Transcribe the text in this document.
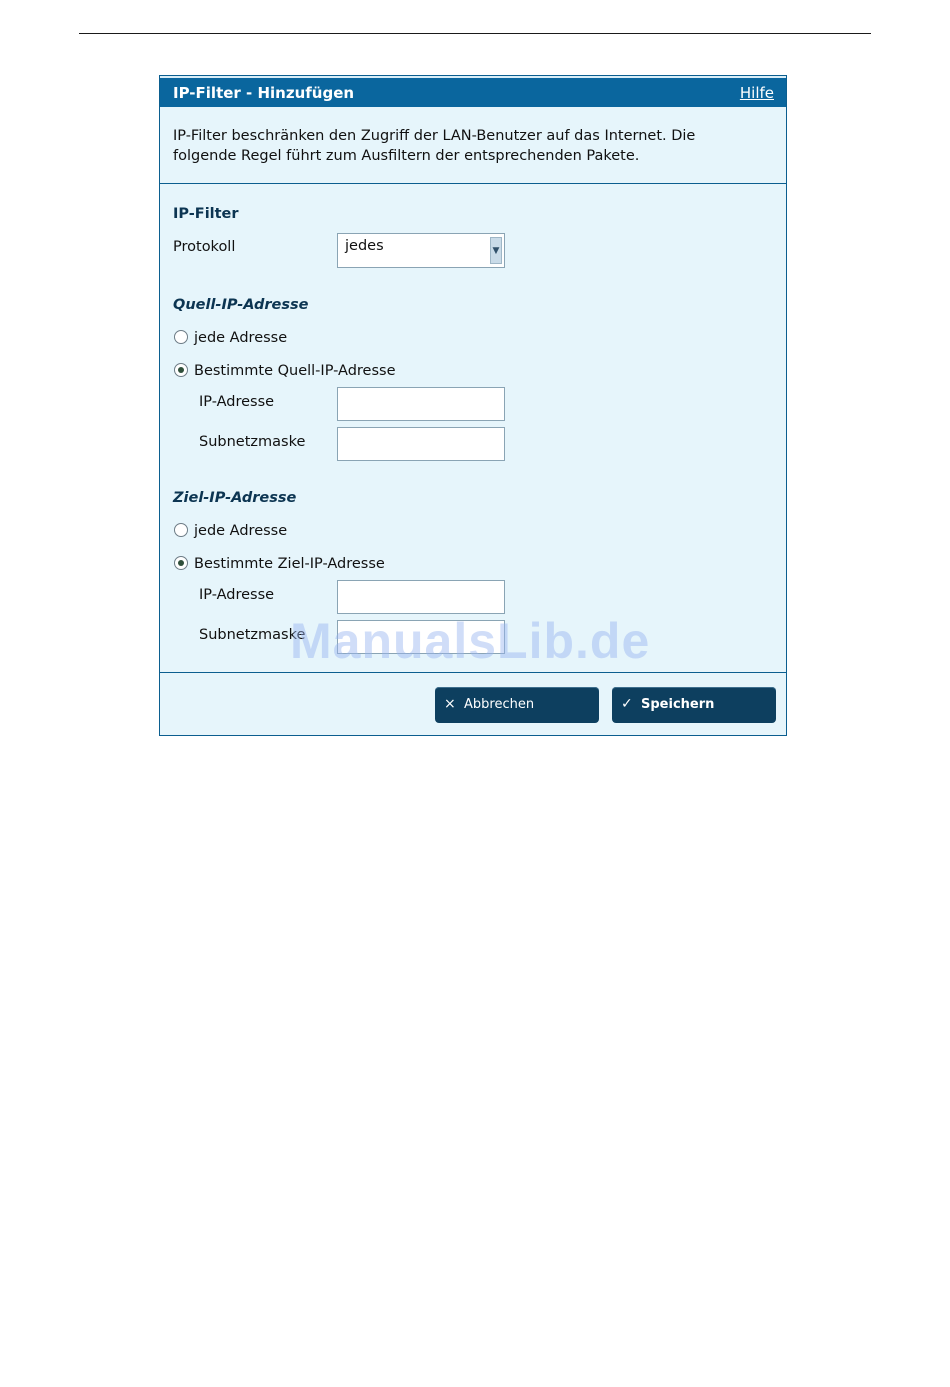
IP-Filter - Hinzufügen	Hilfe
IP-Filter beschränken den Zugriff der LAN-Benutzer auf das Internet. Die
folgende Regel führt zum Ausfiltern der entsprechenden Pakete.
IP-Filter
Protokoll	jedes	▼
Quell-IP-Adresse
jede Adresse
Bestimmte Quell-IP-Adresse
IP-Adresse
Subnetzmaske
Ziel-IP-Adresse
jede Adresse
Bestimmte Ziel-IP-Adresse
IP-Adresse
Subnetzmaske
× Abbrechen	✓ Speichern
ManualsLib.de
